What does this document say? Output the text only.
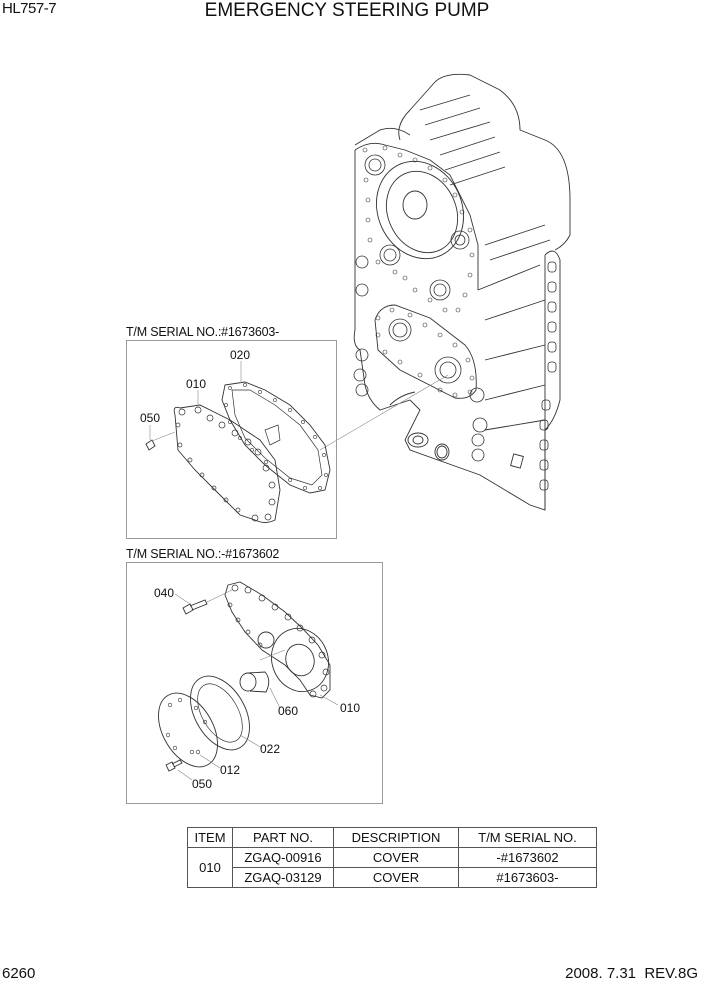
HL757-7	EMERGENCY STEERING PUMP
T/M SERIAL NO.:#1673603-
020
010
050
T/M SERIAL NO.:-#1673602
040
060	010
022
012
050
ITEM	PART NO.	DESCRIPTION	T/M SERIAL NO.
010	ZGAQ-00916	COVER	-#1673602
	ZGAQ-03129	COVER	#1673603-
6260	2008. 7.31  REV.8G
